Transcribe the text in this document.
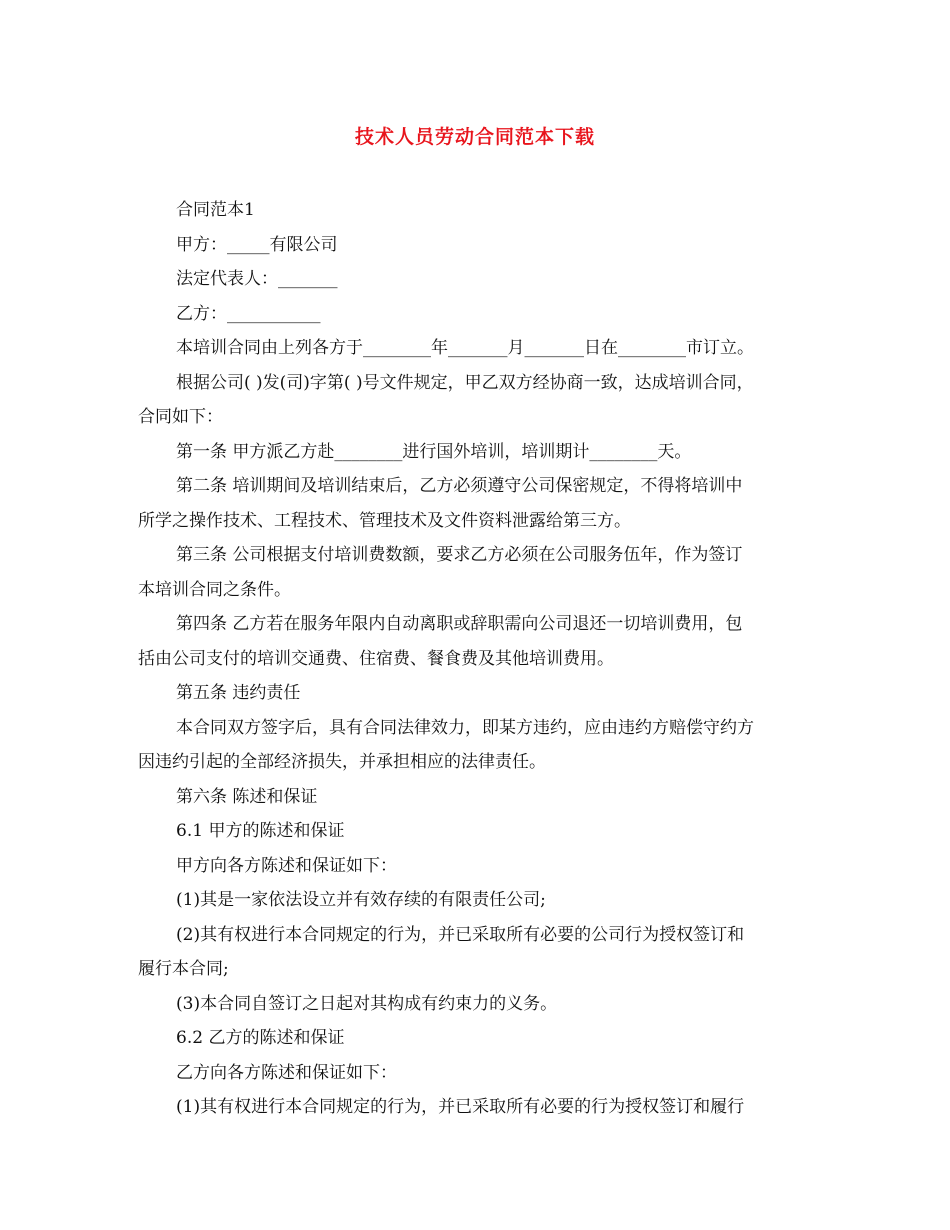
技术人员劳动合同范本下载

合同范本1

甲方：_____有限公司

法定代表人：_______

乙方：___________

本培训合同由上列各方于________年_______月_______日在________市订立。

根据公司( )发(司)字第( )号文件规定，甲乙双方经协商一致，达成培训合同，

合同如下：

第一条 甲方派乙方赴________进行国外培训，培训期计________天。

第二条 培训期间及培训结束后，乙方必须遵守公司保密规定，不得将培训中

所学之操作技术、工程技术、管理技术及文件资料泄露给第三方。

第三条 公司根据支付培训费数额，要求乙方必须在公司服务伍年，作为签订

本培训合同之条件。

第四条 乙方若在服务年限内自动离职或辞职需向公司退还一切培训费用，包

括由公司支付的培训交通费、住宿费、餐食费及其他培训费用。

第五条 违约责任

本合同双方签字后，具有合同法律效力，即某方违约，应由违约方赔偿守约方

因违约引起的全部经济损失，并承担相应的法律责任。

第六条 陈述和保证

6.1 甲方的陈述和保证

甲方向各方陈述和保证如下：

(1)其是一家依法设立并有效存续的有限责任公司;

(2)其有权进行本合同规定的行为，并已采取所有必要的公司行为授权签订和

履行本合同;

(3)本合同自签订之日起对其构成有约束力的义务。

6.2 乙方的陈述和保证

乙方向各方陈述和保证如下：

(1)其有权进行本合同规定的行为，并已采取所有必要的行为授权签订和履行
